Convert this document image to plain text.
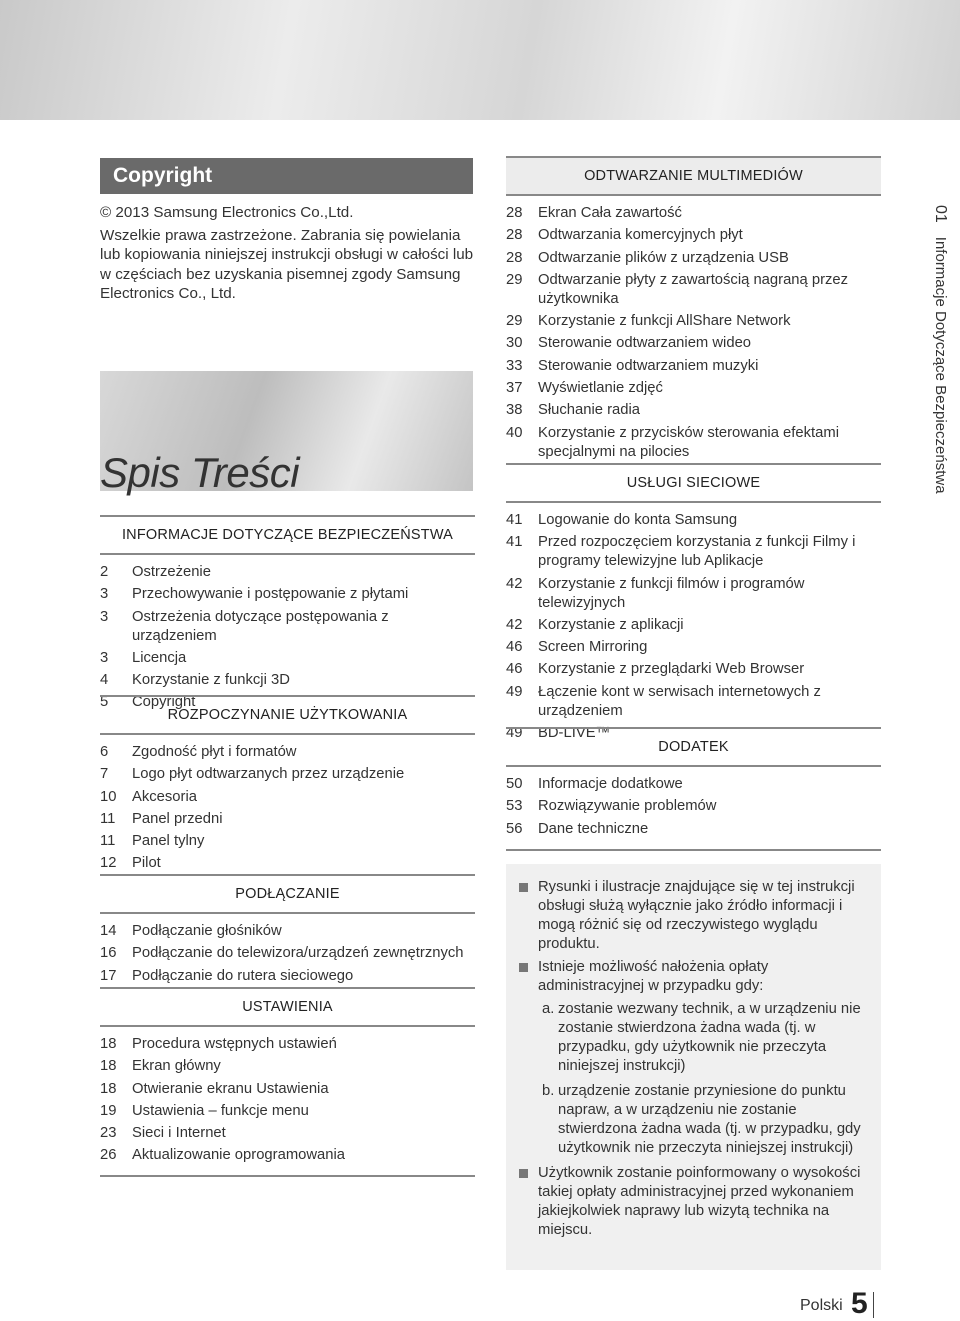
Copyright

© 2013 Samsung Electronics Co.,Ltd.

Wszelkie prawa zastrzeżone. Zabrania się powielania lub kopiowania niniejszej instrukcji obsługi w całości lub w częściach bez uzyskania pisemnej zgody Samsung Electronics Co., Ltd.

Spis Treści
INFORMACJE DOTYCZĄCE BEZPIECZEŃSTWA
2	Ostrzeżenie
3	Przechowywanie i postępowanie z płytami
3	Ostrzeżenia dotyczące postępowania z urządzeniem
3	Licencja
4	Korzystanie z funkcji 3D
5	Copyright
ROZPOCZYNANIE UŻYTKOWANIA
6	Zgodność płyt i formatów
7	Logo płyt odtwarzanych przez urządzenie
10	Akcesoria
11	Panel przedni
11	Panel tylny
12	Pilot
PODŁĄCZANIE
14	Podłączanie głośników
16	Podłączanie do telewizora/urządzeń zewnętrznych
17	Podłączanie do rutera sieciowego
USTAWIENIA
18	Procedura wstępnych ustawień
18	Ekran główny
18	Otwieranie ekranu Ustawienia
19	Ustawienia – funkcje menu
23	Sieci i Internet
26	Aktualizowanie oprogramowania
ODTWARZANIE MULTIMEDIÓW
28	Ekran Cała zawartość
28	Odtwarzania komercyjnych płyt
28	Odtwarzanie plików z urządzenia USB
29	Odtwarzanie płyty z zawartością nagraną przez użytkownika
29	Korzystanie z funkcji AllShare Network
30	Sterowanie odtwarzaniem wideo
33	Sterowanie odtwarzaniem muzyki
37	Wyświetlanie zdjęć
38	Słuchanie radia
40	Korzystanie z przycisków sterowania efektami specjalnymi na pilocies
USŁUGI SIECIOWE
41	Logowanie do konta Samsung
41	Przed rozpoczęciem korzystania z funkcji Filmy i programy telewizyjne lub Aplikacje
42	Korzystanie z funkcji filmów i programów telewizyjnych
42	Korzystanie z aplikacji
46	Screen Mirroring
46	Korzystanie z przeglądarki Web Browser
49	Łączenie kont w serwisach internetowych z urządzeniem
49	BD-LIVE™
DODATEK
50	Informacje dodatkowe
53	Rozwiązywanie problemów
56	Dane techniczne
Rysunki i ilustracje znajdujące się w tej instrukcji obsługi służą wyłącznie jako źródło informacji i mogą różnić się od rzeczywistego wyglądu produktu.
Istnieje możliwość nałożenia opłaty administracyjnej w przypadku gdy:
a. zostanie wezwany technik, a w urządzeniu nie zostanie stwierdzona żadna wada (tj. w przypadku, gdy użytkownik nie przeczyta niniejszej instrukcji)
b. urządzenie zostanie przyniesione do punktu napraw, a w urządzeniu nie zostanie stwierdzona żadna wada (tj. w przypadku, gdy użytkownik nie przeczyta niniejszej instrukcji)
Użytkownik zostanie poinformowany o wysokości takiej opłaty administracyjnej przed wykonaniem jakiejkolwiek naprawy lub wizytą technika na miejscu.
01Informacje Dotyczące Bezpieczeństwa
Polski 5
